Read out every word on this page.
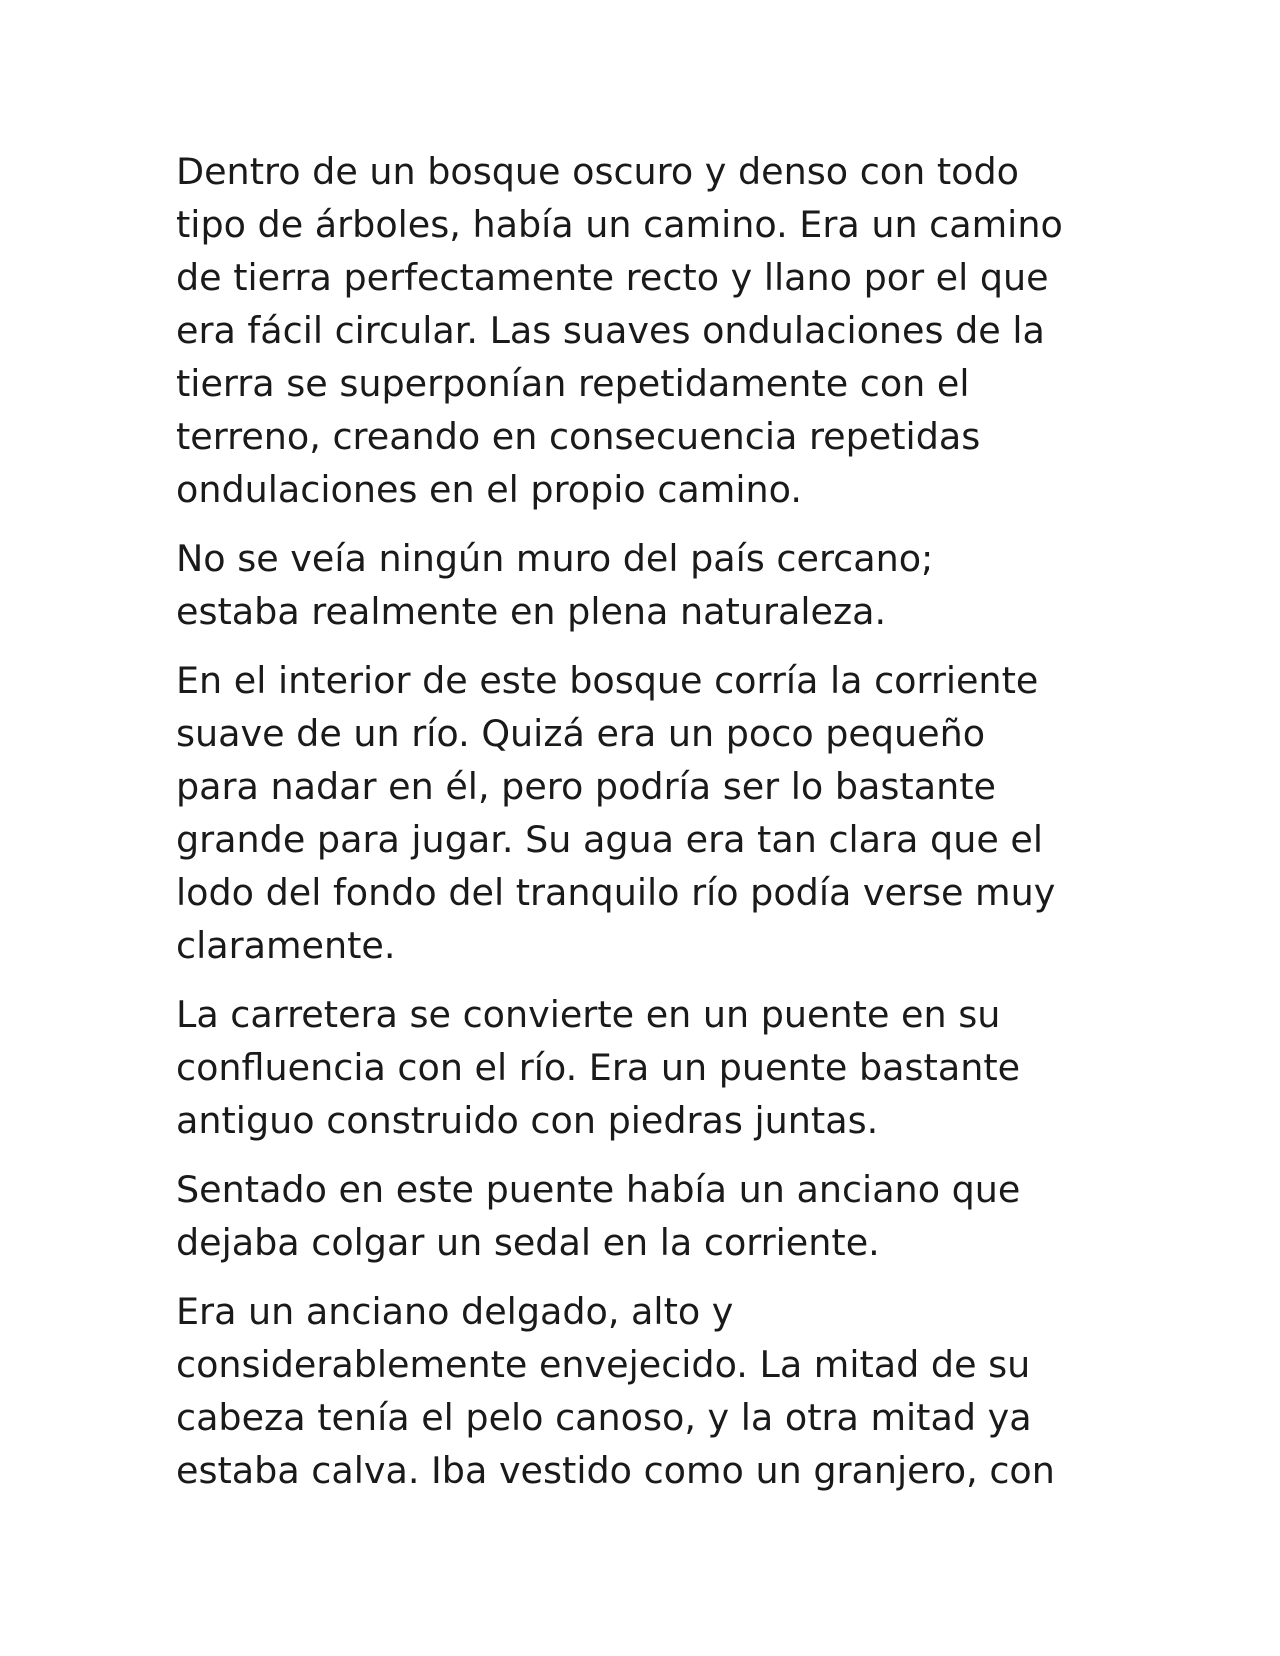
Dentro de un bosque oscuro y denso con todo
tipo de árboles, había un camino. Era un camino
de tierra perfectamente recto y llano por el que
era fácil circular. Las suaves ondulaciones de la
tierra se superponían repetidamente con el
terreno, creando en consecuencia repetidas
ondulaciones en el propio camino.

No se veía ningún muro del país cercano;
estaba realmente en plena naturaleza.

En el interior de este bosque corría la corriente
suave de un río. Quizá era un poco pequeño
para nadar en él, pero podría ser lo bastante
grande para jugar. Su agua era tan clara que el
lodo del fondo del tranquilo río podía verse muy
claramente.

La carretera se convierte en un puente en su
confluencia con el río. Era un puente bastante
antiguo construido con piedras juntas.

Sentado en este puente había un anciano que
dejaba colgar un sedal en la corriente.

Era un anciano delgado, alto y
considerablemente envejecido. La mitad de su
cabeza tenía el pelo canoso, y la otra mitad ya
estaba calva. Iba vestido como un granjero, con
